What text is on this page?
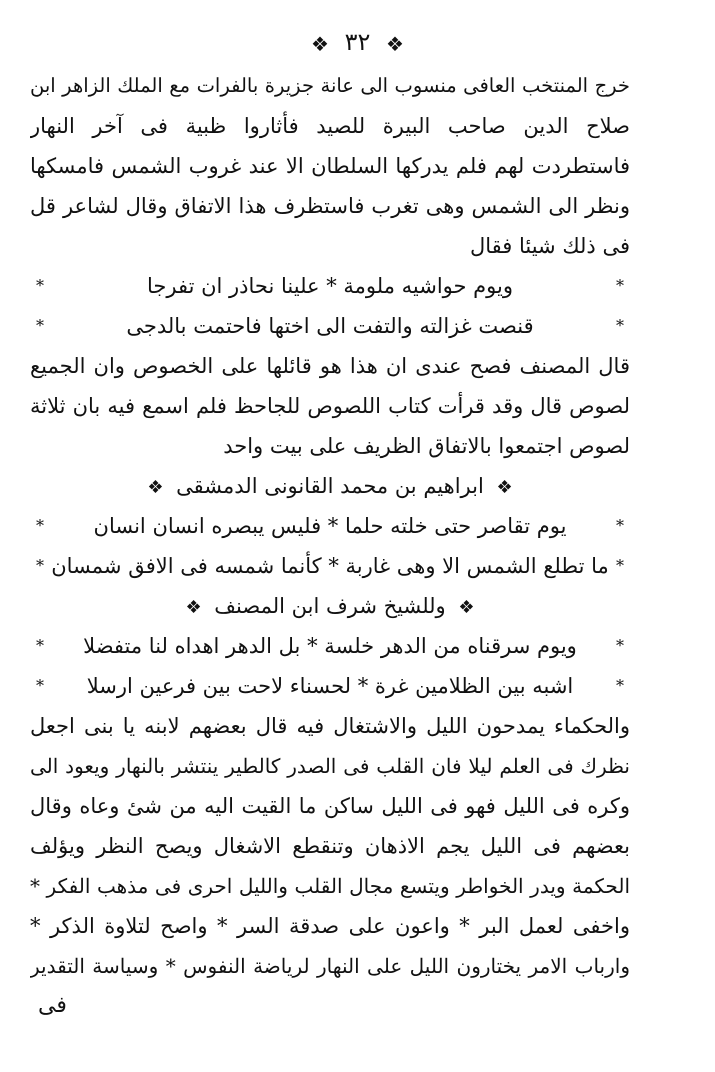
❖ ٣٢ ❖
خرج المنتخب العافى منسوب الى عانة جزيرة بالفرات مع الملك الزاهر ابن
صلاح الدين صاحب البيرة للصيد فأثاروا ظبية فى آخر النهار
فاستطردت لهم فلم يدركها السلطان الا عند غروب الشمس فامسكها
ونظر الى الشمس وهى تغرب فاستظرف هذا الاتفاق وقال لشاعر قل
فى ذلك شيئا فقال
*
ويوم حواشيه ملومة * علينا نحاذر ان تفرجا
*
*
قنصت غزالته والتفت الى اختها فاحتمت بالدجى
*
قال المصنف فصح عندى ان هذا هو قائلها على الخصوص وان الجميع
لصوص قال وقد قرأت كتاب اللصوص للجاحظ فلم اسمع فيه بان ثلاثة
لصوص اجتمعوا بالاتفاق الظريف على بيت واحد
❖ ابراهيم بن محمد القانونى الدمشقى ❖
*
يوم تقاصر حتى خلته حلما * فليس يبصره انسان انسان
*
*
ما تطلع الشمس الا وهى غاربة * كأنما شمسه فى الافق شمسان
*
❖ وللشيخ شرف ابن المصنف ❖
*
ويوم سرقناه من الدهر خلسة * بل الدهر اهداه لنا متفضلا
*
*
اشبه بين الظلامين غرة * لحسناء لاحت بين فرعين ارسلا
*
والحكماء يمدحون الليل والاشتغال فيه قال بعضهم لابنه يا بنى اجعل
نظرك فى العلم ليلا فان القلب فى الصدر كالطير ينتشر بالنهار ويعود الى
وكره فى الليل فهو فى الليل ساكن ما القيت اليه من شئ وعاه وقال
بعضهم فى الليل يجم الاذهان وتنقطع الاشغال ويصح النظر ويؤلف
الحكمة ويدر الخواطر ويتسع مجال القلب والليل احرى فى مذهب الفكر *
واخفى لعمل البر * واعون على صدقة السر * واصح لتلاوة الذكر *
وارباب الامر يختارون الليل على النهار لرياضة النفوس * وسياسة التقدير
فى
